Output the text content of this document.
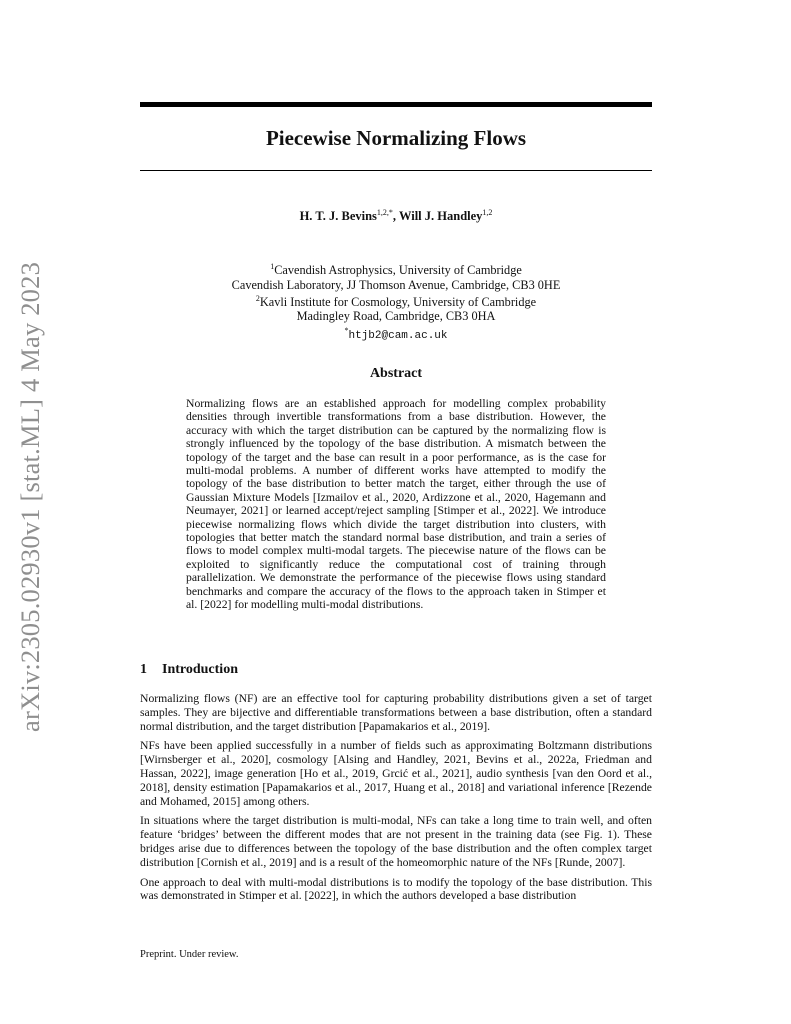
arXiv:2305.02930v1 [stat.ML] 4 May 2023
Piecewise Normalizing Flows
H. T. J. Bevins$^{1,2,*}$, Will J. Handley$^{1,2}$
$^1$Cavendish Astrophysics, University of Cambridge
Cavendish Laboratory, JJ Thomson Avenue, Cambridge, CB3 0HE
$^2$Kavli Institute for Cosmology, University of Cambridge
Madingley Road, Cambridge, CB3 0HA
*htjb2@cam.ac.uk
Abstract
Normalizing flows are an established approach for modelling complex probability densities through invertible transformations from a base distribution. However, the accuracy with which the target distribution can be captured by the normalizing flow is strongly influenced by the topology of the base distribution. A mismatch between the topology of the target and the base can result in a poor performance, as is the case for multi-modal problems. A number of different works have attempted to modify the topology of the base distribution to better match the target, either through the use of Gaussian Mixture Models [Izmailov et al., 2020, Ardizzone et al., 2020, Hagemann and Neumayer, 2021] or learned accept/reject sampling [Stimper et al., 2022]. We introduce piecewise normalizing flows which divide the target distribution into clusters, with topologies that better match the standard normal base distribution, and train a series of flows to model complex multi-modal targets. The piecewise nature of the flows can be exploited to significantly reduce the computational cost of training through parallelization. We demonstrate the performance of the piecewise flows using standard benchmarks and compare the accuracy of the flows to the approach taken in Stimper et al. [2022] for modelling multi-modal distributions.
1 Introduction

Normalizing flows (NF) are an effective tool for capturing probability distributions given a set of target samples. They are bijective and differentiable transformations between a base distribution, often a standard normal distribution, and the target distribution [Papamakarios et al., 2019].

NFs have been applied successfully in a number of fields such as approximating Boltzmann distributions [Wirnsberger et al., 2020], cosmology [Alsing and Handley, 2021, Bevins et al., 2022a, Friedman and Hassan, 2022], image generation [Ho et al., 2019, Grcić et al., 2021], audio synthesis [van den Oord et al., 2018], density estimation [Papamakarios et al., 2017, Huang et al., 2018] and variational inference [Rezende and Mohamed, 2015] among others.

In situations where the target distribution is multi-modal, NFs can take a long time to train well, and often feature ‘bridges’ between the different modes that are not present in the training data (see Fig. 1). These bridges arise due to differences between the topology of the base distribution and the often complex target distribution [Cornish et al., 2019] and is a result of the homeomorphic nature of the NFs [Runde, 2007].

One approach to deal with multi-modal distributions is to modify the topology of the base distribution. This was demonstrated in Stimper et al. [2022], in which the authors developed a base distribution

Preprint. Under review.
